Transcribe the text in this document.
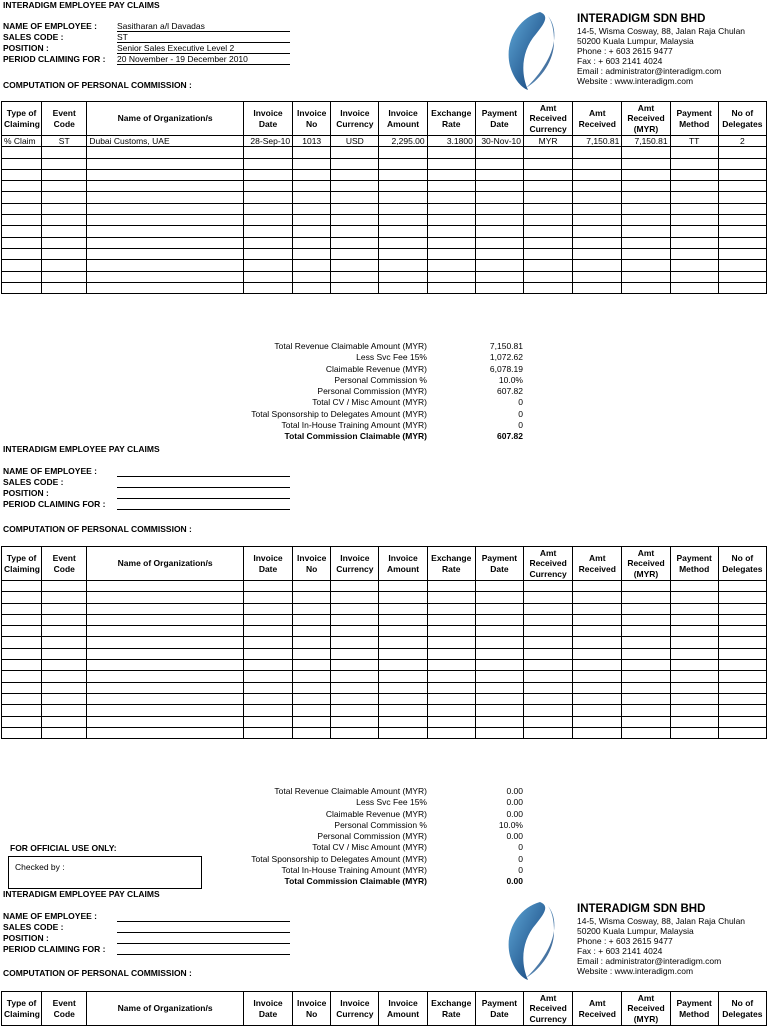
INTERADIGM EMPLOYEE PAY CLAIMS
NAME OF EMPLOYEE : Sasitharan a/l Davadas
SALES CODE :	ST
POSITION :	Senior Sales Executive Level 2
PERIOD CLAIMING FOR : 20 November - 19 December 2010
INTERADIGM SDN BHD
14-5, Wisma Cosway, 88, Jalan Raja Chulan
50200 Kuala Lumpur, Malaysia
Phone : + 603 2615 9477
Fax : + 603 2141 4024
Email : administrator@interadigm.com
Website : www.interadigm.com
COMPUTATION OF PERSONAL COMMISSION :
Type of Claiming	Event Code	Name of Organization/s	Invoice Date	Invoice No	Invoice Currency	Invoice Amount	Exchange Rate	Payment Date	Amt Received Currency	Amt Received	Amt Received (MYR)	Payment Method	No of Delegates
% Claim	ST	Dubai Customs, UAE	28-Sep-10	1013	USD	2,295.00	3.1800	30-Nov-10	MYR	7,150.81	7,150.81	TT	2

Total Revenue Claimable Amount (MYR)	7,150.81
Less Svc Fee 15%	1,072.62
Claimable Revenue (MYR)	6,078.19
Personal Commission %	10.0%
Personal Commission (MYR)	607.82
Total CV / Misc Amount (MYR)	0
Total Sponsorship to Delegates Amount (MYR)	0
Total In-House Training Amount (MYR)	0
Total Commission Claimable (MYR)	607.82
INTERADIGM EMPLOYEE PAY CLAIMS
NAME OF EMPLOYEE :
SALES CODE :
POSITION :
PERIOD CLAIMING FOR :
COMPUTATION OF PERSONAL COMMISSION :
Type of Claiming	Event Code	Name of Organization/s	Invoice Date	Invoice No	Invoice Currency	Invoice Amount	Exchange Rate	Payment Date	Amt Received Currency	Amt Received	Amt Received (MYR)	Payment Method	No of Delegates

Total Revenue Claimable Amount (MYR)	0.00
Less Svc Fee 15%	0.00
Claimable Revenue (MYR)	0.00
Personal Commission %	10.0%
Personal Commission (MYR)	0.00
Total CV / Misc Amount (MYR)	0
Total Sponsorship to Delegates Amount (MYR)	0
Total In-House Training Amount (MYR)	0
Total Commission Claimable (MYR)	0.00
FOR OFFICIAL USE ONLY:
Checked by :
INTERADIGM EMPLOYEE PAY CLAIMS
INTERADIGM SDN BHD
14-5, Wisma Cosway, 88, Jalan Raja Chulan
50200 Kuala Lumpur, Malaysia
Phone : + 603 2615 9477
Fax : + 603 2141 4024
Email : administrator@interadigm.com
Website : www.interadigm.com
NAME OF EMPLOYEE :
SALES CODE :
POSITION :
PERIOD CLAIMING FOR :
COMPUTATION OF PERSONAL COMMISSION :
Type of Claiming	Event Code	Name of Organization/s	Invoice Date	Invoice No	Invoice Currency	Invoice Amount	Exchange Rate	Payment Date	Amt Received Currency	Amt Received	Amt Received (MYR)	Payment Method	No of Delegates
